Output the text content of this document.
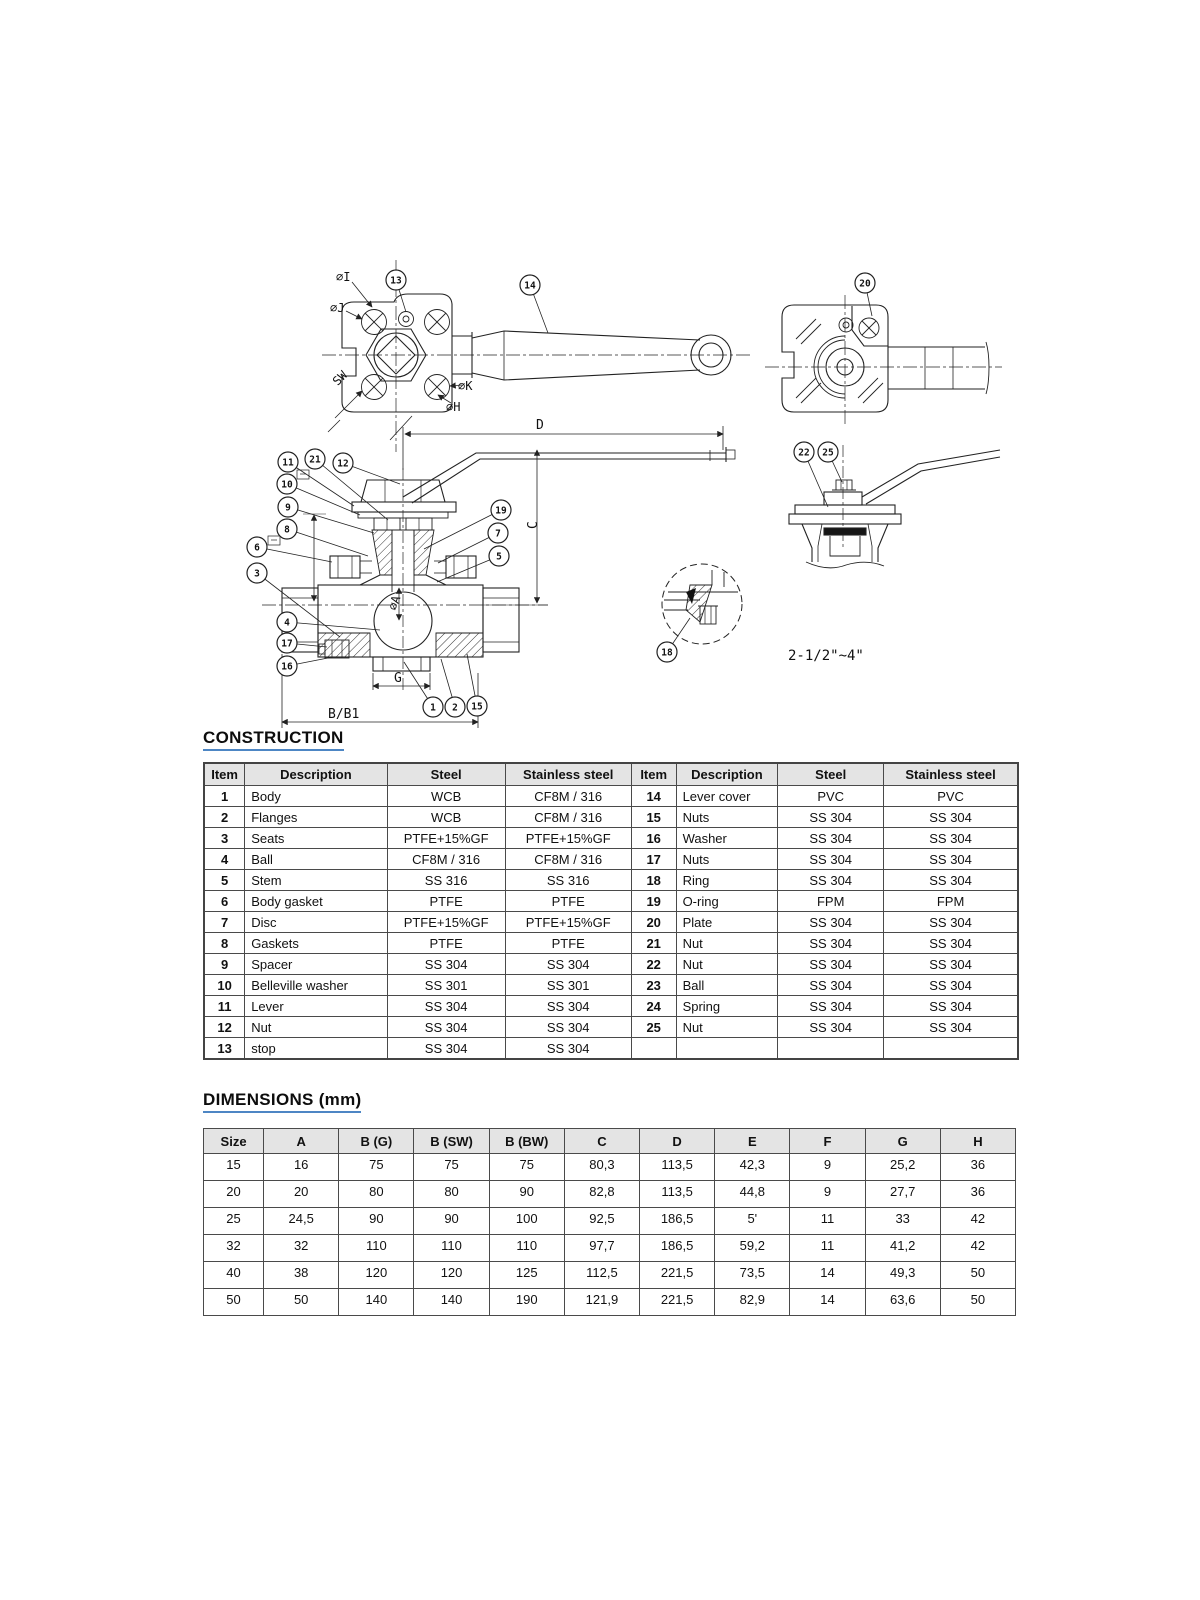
∅I
∅J
SW	∅K
∅H
D
C
∅A
G
B/B1
2-1/2"~4"
13	14	20
22 25
11 21 12
10
9
8
6
3
4
17
16
19
7
5
1 2 15
18
CONSTRUCTION
Item	Description	Steel	Stainless steel	Item	Description	Steel	Stainless steel
1	Body	WCB	CF8M / 316	14	Lever cover	PVC	PVC
2	Flanges	WCB	CF8M / 316	15	Nuts	SS 304	SS 304
3	Seats	PTFE+15%GF	PTFE+15%GF	16	Washer	SS 304	SS 304
4	Ball	CF8M / 316	CF8M / 316	17	Nuts	SS 304	SS 304
5	Stem	SS 316	SS 316	18	Ring	SS 304	SS 304
6	Body gasket	PTFE	PTFE	19	O-ring	FPM	FPM
7	Disc	PTFE+15%GF	PTFE+15%GF	20	Plate	SS 304	SS 304
8	Gaskets	PTFE	PTFE	21	Nut	SS 304	SS 304
9	Spacer	SS 304	SS 304	22	Nut	SS 304	SS 304
10	Belleville washer	SS 301	SS 301	23	Ball	SS 304	SS 304
11	Lever	SS 304	SS 304	24	Spring	SS 304	SS 304
12	Nut	SS 304	SS 304	25	Nut	SS 304	SS 304
13	stop	SS 304	SS 304				
DIMENSIONS (mm)
Size	A	B (G)	B (SW)	B (BW)	C	D	E	F	G	H
15	16	75	75	75	80,3	113,5	42,3	9	25,2	36
20	20	80	80	90	82,8	113,5	44,8	9	27,7	36
25	24,5	90	90	100	92,5	186,5	5'	11	33	42
32	32	110	110	110	97,7	186,5	59,2	11	41,2	42
40	38	120	120	125	112,5	221,5	73,5	14	49,3	50
50	50	140	140	190	121,9	221,5	82,9	14	63,6	50
